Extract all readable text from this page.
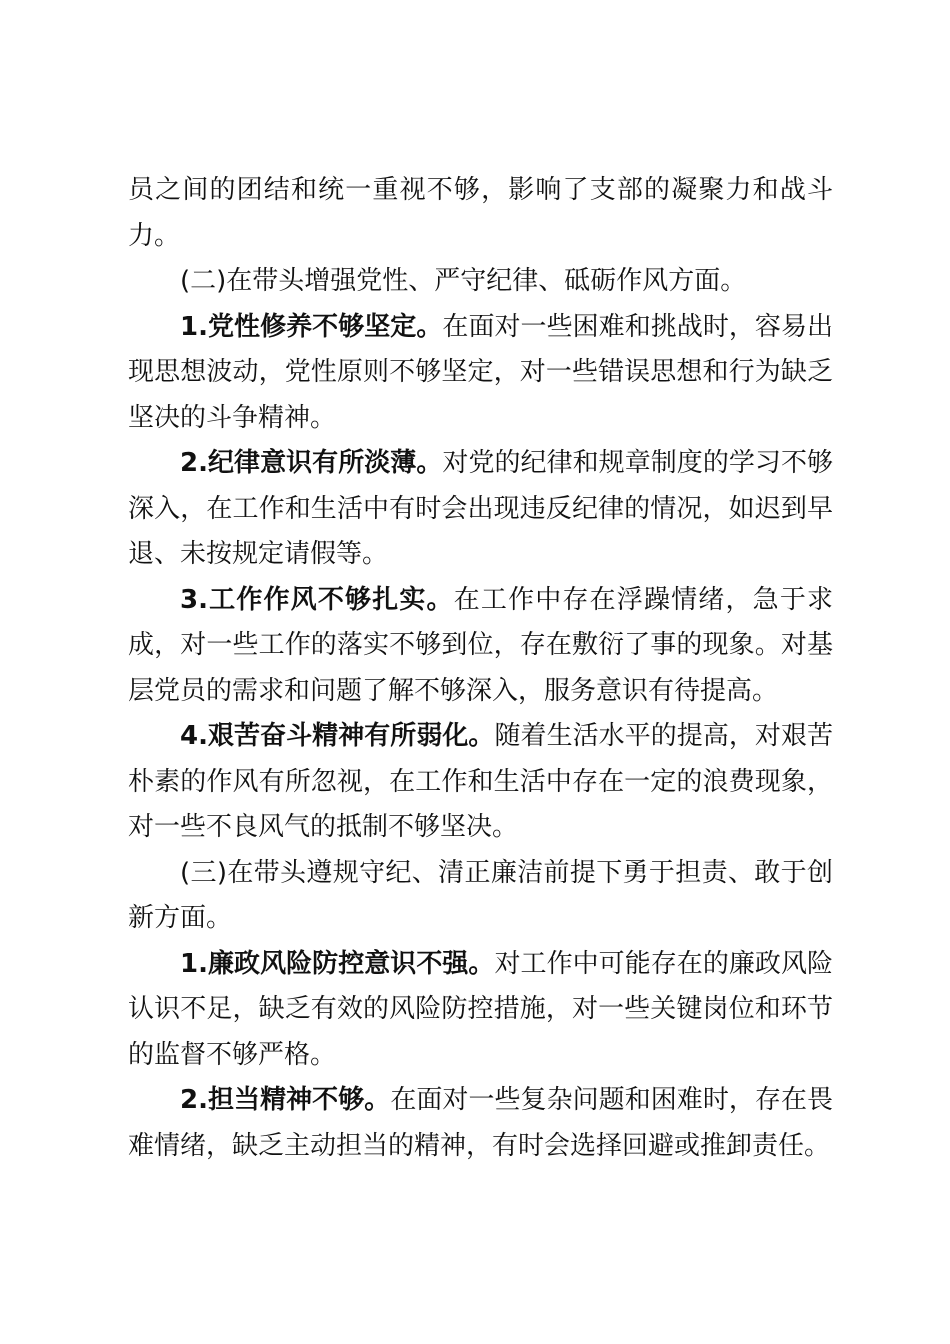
员之间的团结和统一重视不够，影响了支部的凝聚力和战斗力。

(二)在带头增强党性、严守纪律、砥砺作风方面。

1.党性修养不够坚定。在面对一些困难和挑战时，容易出现思想波动，党性原则不够坚定，对一些错误思想和行为缺乏坚决的斗争精神。

2.纪律意识有所淡薄。对党的纪律和规章制度的学习不够深入，在工作和生活中有时会出现违反纪律的情况，如迟到早退、未按规定请假等。

3.工作作风不够扎实。在工作中存在浮躁情绪，急于求成，对一些工作的落实不够到位，存在敷衍了事的现象。对基层党员的需求和问题了解不够深入，服务意识有待提高。

4.艰苦奋斗精神有所弱化。随着生活水平的提高，对艰苦朴素的作风有所忽视，在工作和生活中存在一定的浪费现象，对一些不良风气的抵制不够坚决。

(三)在带头遵规守纪、清正廉洁前提下勇于担责、敢于创新方面。

1.廉政风险防控意识不强。对工作中可能存在的廉政风险认识不足，缺乏有效的风险防控措施，对一些关键岗位和环节的监督不够严格。

2.担当精神不够。在面对一些复杂问题和困难时，存在畏难情绪，缺乏主动担当的精神，有时会选择回避或推卸责任。
